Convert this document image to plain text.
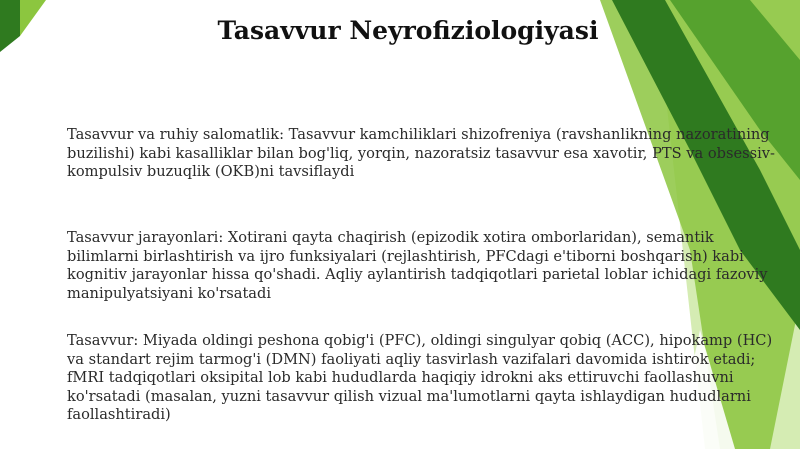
Tasavvur Neyrofiziologiyasi
Tasavvur va ruhiy salomatlik: Tasavvur kamchiliklari shizofreniya (ravshanlikning nazoratining buzilishi) kabi kasalliklar bilan bog'liq, yorqin, nazoratsiz tasavvur esa xavotir, PTS va obsessiv-kompulsiv buzuqlik (OKB)ni tavsiflaydi
Tasavvur jarayonlari: Xotirani qayta chaqirish (epizodik xotira omborlaridan), semantik bilimlarni birlashtirish va ijro funksiyalari (rejlashtirish, PFCdagi e'tiborni boshqarish) kabi kognitiv jarayonlar hissa qo'shadi. Aqliy aylantirish tadqiqotlari parietal loblar ichidagi fazoviy manipulyatsiyani ko'rsatadi
Tasavvur: Miyada oldingi peshona qobig'i (PFC), oldingi singulyar qobiq (ACC), hipokamp (HC) va standart rejim tarmog'i (DMN) faoliyati aqliy tasvirlash vazifalari davomida ishtirok etadi; fMRI tadqiqotlari oksipital lob kabi hududlarda haqiqiy idrokni aks ettiruvchi faollashuvni ko'rsatadi (masalan, yuzni tasavvur qilish vizual ma'lumotlarni qayta ishlaydigan hududlarni faollashtiradi)
